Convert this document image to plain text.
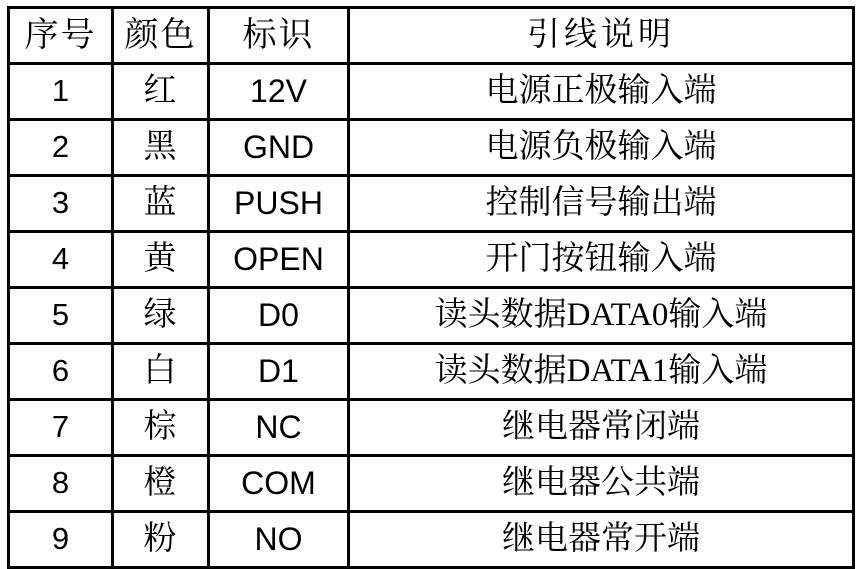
序号	颜色	标识	引线说明
1	红	12V	电源正极输入端
2	黑	GND	电源负极输入端
3	蓝	PUSH	控制信号输出端
4	黄	OPEN	开门按钮输入端
5	绿	D0	读头数据DATA0输入端
6	白	D1	读头数据DATA1输入端
7	棕	NC	继电器常闭端
8	橙	COM	继电器公共端
9	粉	NO	继电器常开端
